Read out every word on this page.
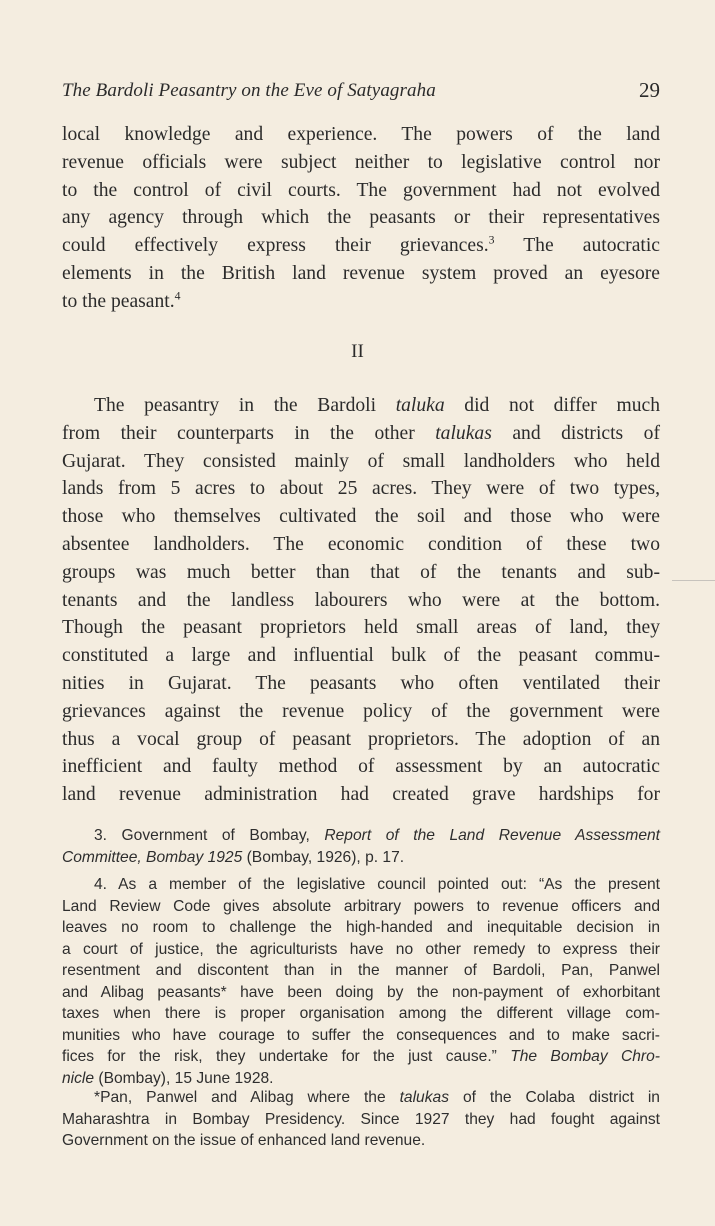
The Bardoli Peasantry on the Eve of Satyagraha	29
local knowledge and experience. The powers of the land
revenue officials were subject neither to legislative control nor
to the control of civil courts. The government had not evolved
any agency through which the peasants or their representatives
could effectively express their grievances.$^3$ The autocratic
elements in the British land revenue system proved an eyesore
to the peasant.$^4$
II
The peasantry in the Bardoli taluka did not differ much
from their counterparts in the other talukas and districts of
Gujarat. They consisted mainly of small landholders who held
lands from 5 acres to about 25 acres. They were of two types,
those who themselves cultivated the soil and those who were
absentee landholders. The economic condition of these two
groups was much better than that of the tenants and sub-
tenants and the landless labourers who were at the bottom.
Though the peasant proprietors held small areas of land, they
constituted a large and influential bulk of the peasant commu-
nities in Gujarat. The peasants who often ventilated their
grievances against the revenue policy of the government were
thus a vocal group of peasant proprietors. The adoption of an
inefficient and faulty method of assessment by an autocratic
land revenue administration had created grave hardships for
3. Government of Bombay, Report of the Land Revenue Assessment
Committee, Bombay 1925 (Bombay, 1926), p. 17.
4. As a member of the legislative council pointed out: “As the present
Land Review Code gives absolute arbitrary powers to revenue officers and
leaves no room to challenge the high-handed and inequitable decision in
a court of justice, the agriculturists have no other remedy to express their
resentment and discontent than in the manner of Bardoli, Pan, Panwel
and Alibag peasants* have been doing by the non-payment of exhorbitant
taxes when there is proper organisation among the different village com-
munities who have courage to suffer the consequences and to make sacri-
fices for the risk, they undertake for the just cause.” The Bombay Chro-
nicle (Bombay), 15 June 1928.
*Pan, Panwel and Alibag where the talukas of the Colaba district in
Maharashtra in Bombay Presidency. Since 1927 they had fought against
Government on the issue of enhanced land revenue.
